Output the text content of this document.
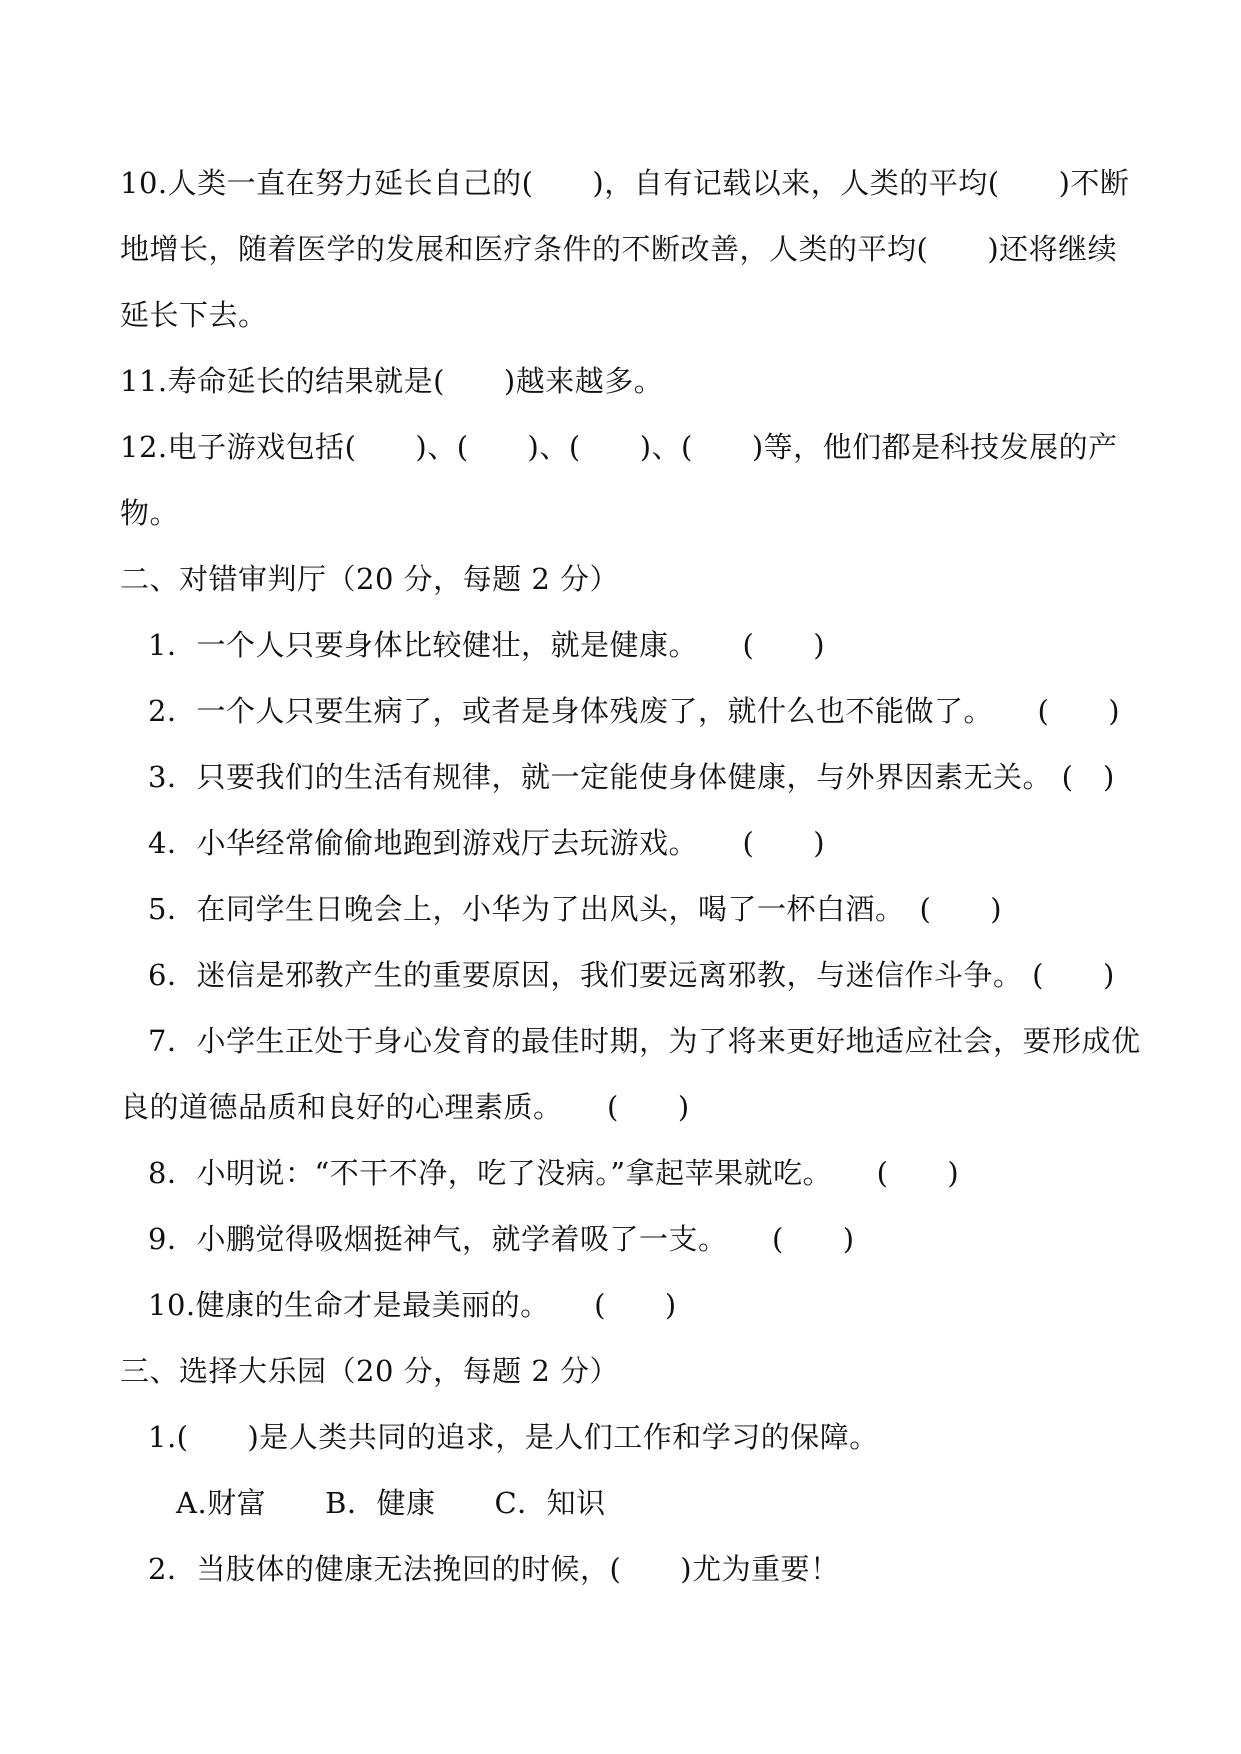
10.人类一直在努力延长自己的(　　)，自有记载以来，人类的平均(　　)不断
地增长，随着医学的发展和医疗条件的不断改善，人类的平均(　　)还将继续
延长下去。
11.寿命延长的结果就是(　　)越来越多。
12.电子游戏包括(　　)、(　　)、(　　)、(　　)等，他们都是科技发展的产
物。
二、对错审判厅（20 分，每题 2 分）
1．一个人只要身体比较健壮，就是健康。　　(　　)
2．一个人只要生病了，或者是身体残废了，就什么也不能做了。　　(　　)
3．只要我们的生活有规律，就一定能使身体健康，与外界因素无关。 (　)
4．小华经常偷偷地跑到游戏厅去玩游戏。　　(　　)
5．在同学生日晚会上，小华为了出风头，喝了一杯白酒。　(　　)
6．迷信是邪教产生的重要原因，我们要远离邪教，与迷信作斗争。 (　　)
7．小学生正处于身心发育的最佳时期，为了将来更好地适应社会，要形成优
良的道德品质和良好的心理素质。　　(　　)
8．小明说：“不干不净，吃了没病。”拿起苹果就吃。　　(　　)
9．小鹏觉得吸烟挺神气，就学着吸了一支。　　(　　)
10.健康的生命才是最美丽的。　　(　　)
三、选择大乐园（20 分，每题 2 分）
1.(　　)是人类共同的追求，是人们工作和学习的保障。
A.财富　　B．健康　　C．知识
2．当肢体的健康无法挽回的时候，(　　)尤为重要！
